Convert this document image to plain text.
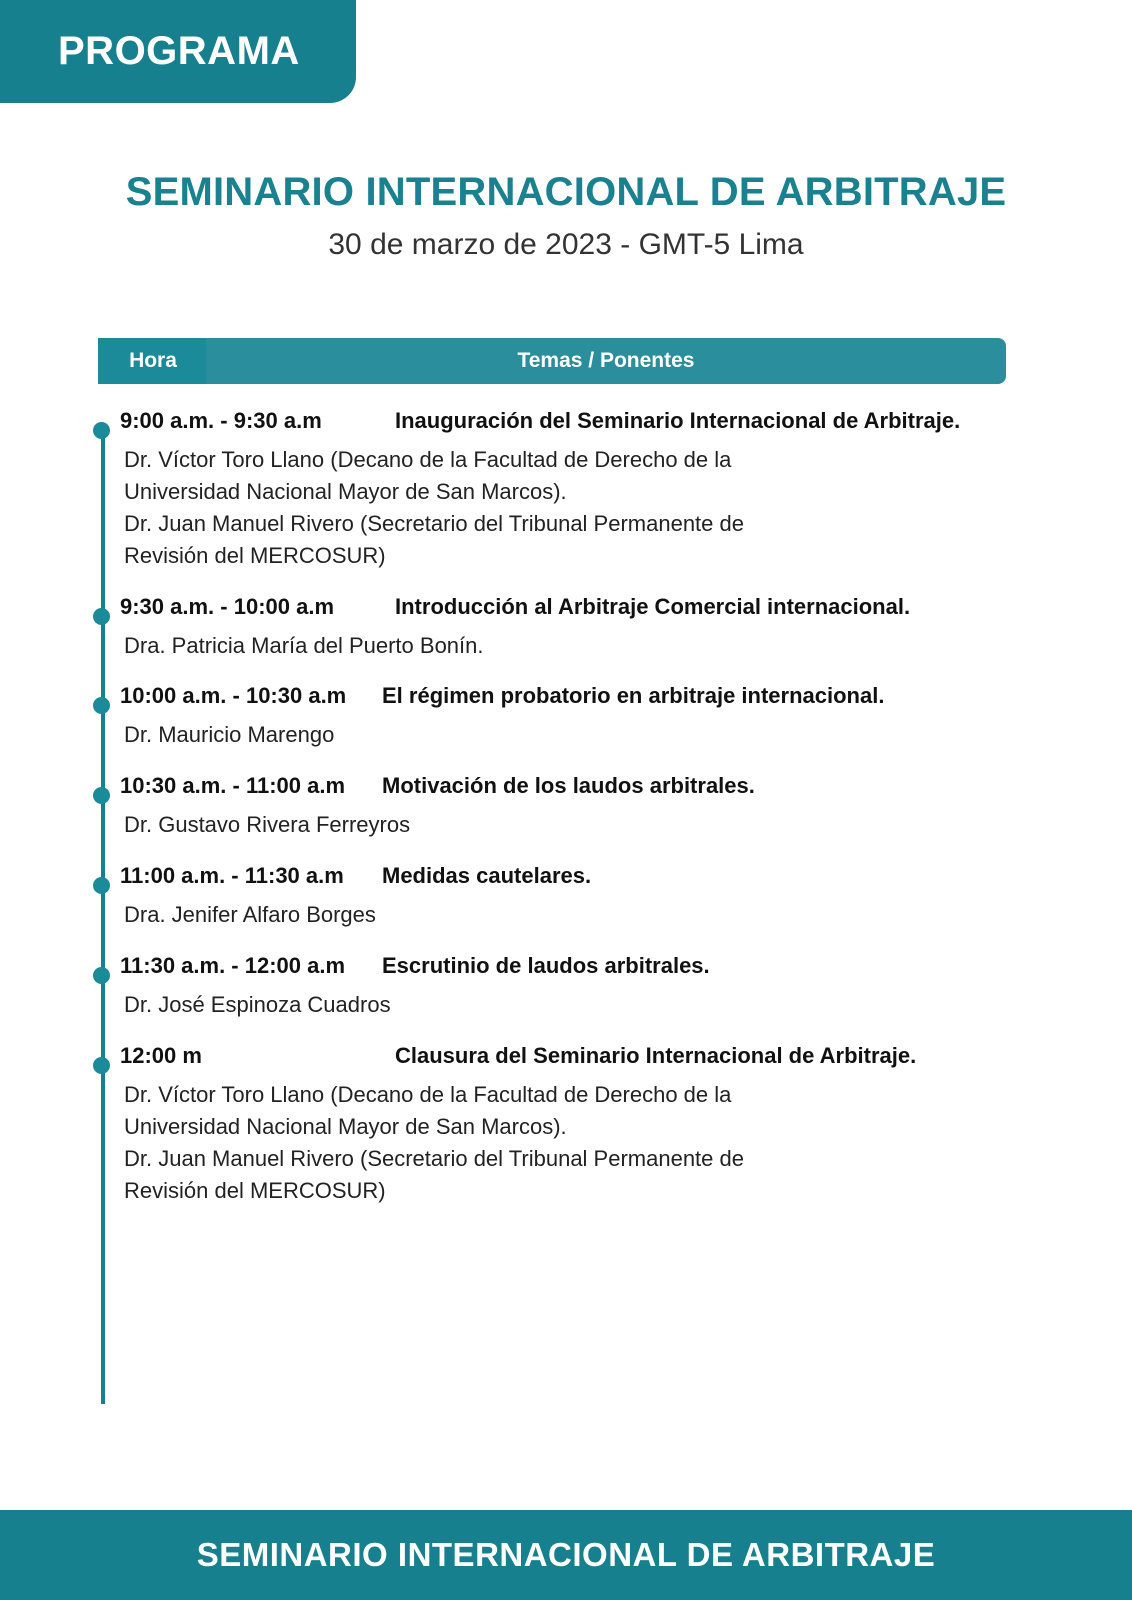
PROGRAMA
SEMINARIO INTERNACIONAL DE ARBITRAJE
30 de marzo de 2023 - GMT-5 Lima
Hora	Temas / Ponentes
9:00 a.m. - 9:30 a.m	Inauguración del Seminario Internacional de Arbitraje.
Dr. Víctor Toro Llano (Decano de la Facultad de Derecho de la
Universidad Nacional Mayor de San Marcos).
Dr. Juan Manuel Rivero (Secretario del Tribunal Permanente de
Revisión del MERCOSUR)
9:30 a.m. - 10:00 a.m	Introducción al Arbitraje Comercial internacional.
Dra. Patricia María del Puerto Bonín.
10:00 a.m. - 10:30 a.m	El régimen probatorio en arbitraje internacional.
Dr. Mauricio Marengo
10:30 a.m. - 11:00 a.m	Motivación de los laudos arbitrales.
Dr. Gustavo Rivera Ferreyros
11:00 a.m. - 11:30 a.m	Medidas cautelares.
Dra. Jenifer Alfaro Borges
11:30 a.m. - 12:00 a.m	Escrutinio de laudos arbitrales.
Dr. José Espinoza Cuadros
12:00 m	Clausura del Seminario Internacional de Arbitraje.
Dr. Víctor Toro Llano (Decano de la Facultad de Derecho de la
Universidad Nacional Mayor de San Marcos).
Dr. Juan Manuel Rivero (Secretario del Tribunal Permanente de
Revisión del MERCOSUR)
SEMINARIO INTERNACIONAL DE ARBITRAJE
